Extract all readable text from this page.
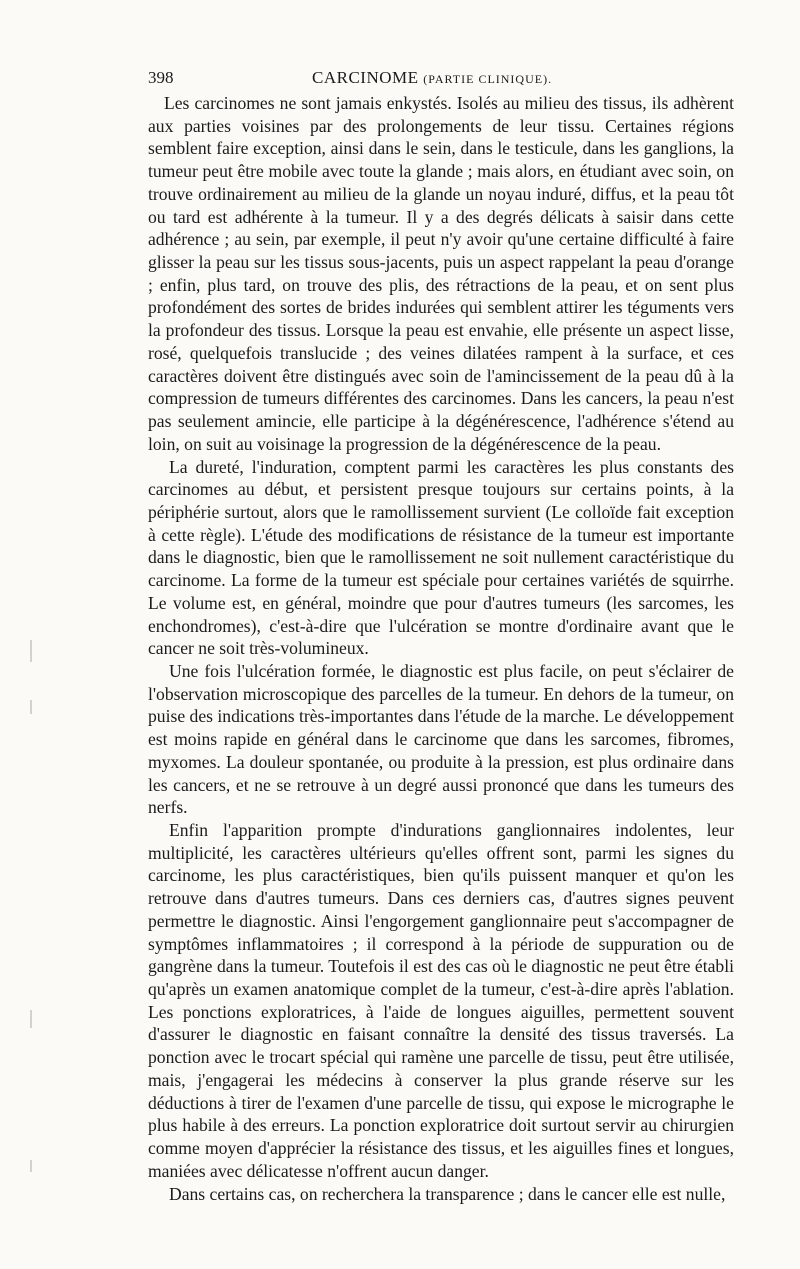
398	CARCINOME (PARTIE CLINIQUE).

Les carcinomes ne sont jamais enkystés. Isolés au milieu des tissus, ils adhèrent aux parties voisines par des prolongements de leur tissu. Certaines régions semblent faire exception, ainsi dans le sein, dans le testicule, dans les ganglions, la tumeur peut être mobile avec toute la glande ; mais alors, en étudiant avec soin, on trouve ordinairement au milieu de la glande un noyau induré, diffus, et la peau tôt ou tard est adhérente à la tumeur. Il y a des degrés délicats à saisir dans cette adhérence ; au sein, par exemple, il peut n'y avoir qu'une certaine difficulté à faire glisser la peau sur les tissus sous-jacents, puis un aspect rappelant la peau d'orange ; enfin, plus tard, on trouve des plis, des rétractions de la peau, et on sent plus profondément des sortes de brides indurées qui semblent attirer les téguments vers la profondeur des tissus. Lorsque la peau est envahie, elle présente un aspect lisse, rosé, quelquefois translucide ; des veines dilatées rampent à la surface, et ces caractères doivent être distingués avec soin de l'amincissement de la peau dû à la compression de tumeurs différentes des carcinomes. Dans les cancers, la peau n'est pas seulement amincie, elle participe à la dégénérescence, l'adhérence s'étend au loin, on suit au voisinage la progression de la dégénérescence de la peau.

La dureté, l'induration, comptent parmi les caractères les plus constants des carcinomes au début, et persistent presque toujours sur certains points, à la périphérie surtout, alors que le ramollissement survient (Le colloïde fait exception à cette règle). L'étude des modifications de résistance de la tumeur est importante dans le diagnostic, bien que le ramollissement ne soit nullement caractéristique du carcinome. La forme de la tumeur est spéciale pour certaines variétés de squirrhe. Le volume est, en général, moindre que pour d'autres tumeurs (les sarcomes, les enchondromes), c'est-à-dire que l'ulcération se montre d'ordinaire avant que le cancer ne soit très-volumineux.

Une fois l'ulcération formée, le diagnostic est plus facile, on peut s'éclairer de l'observation microscopique des parcelles de la tumeur. En dehors de la tumeur, on puise des indications très-importantes dans l'étude de la marche. Le développement est moins rapide en général dans le carcinome que dans les sarcomes, fibromes, myxomes. La douleur spontanée, ou produite à la pression, est plus ordinaire dans les cancers, et ne se retrouve à un degré aussi prononcé que dans les tumeurs des nerfs.

Enfin l'apparition prompte d'indurations ganglionnaires indolentes, leur multiplicité, les caractères ultérieurs qu'elles offrent sont, parmi les signes du carcinome, les plus caractéristiques, bien qu'ils puissent manquer et qu'on les retrouve dans d'autres tumeurs. Dans ces derniers cas, d'autres signes peuvent permettre le diagnostic. Ainsi l'engorgement ganglionnaire peut s'accompagner de symptômes inflammatoires ; il correspond à la période de suppuration ou de gangrène dans la tumeur. Toutefois il est des cas où le diagnostic ne peut être établi qu'après un examen anatomique complet de la tumeur, c'est-à-dire après l'ablation. Les ponctions exploratrices, à l'aide de longues aiguilles, permettent souvent d'assurer le diagnostic en faisant connaître la densité des tissus traversés. La ponction avec le trocart spécial qui ramène une parcelle de tissu, peut être utilisée, mais, j'engagerai les médecins à conserver la plus grande réserve sur les déductions à tirer de l'examen d'une parcelle de tissu, qui expose le micrographe le plus habile à des erreurs. La ponction exploratrice doit surtout servir au chirurgien comme moyen d'apprécier la résistance des tissus, et les aiguilles fines et longues, maniées avec délicatesse n'offrent aucun danger.

Dans certains cas, on recherchera la transparence ; dans le cancer elle est nulle,
